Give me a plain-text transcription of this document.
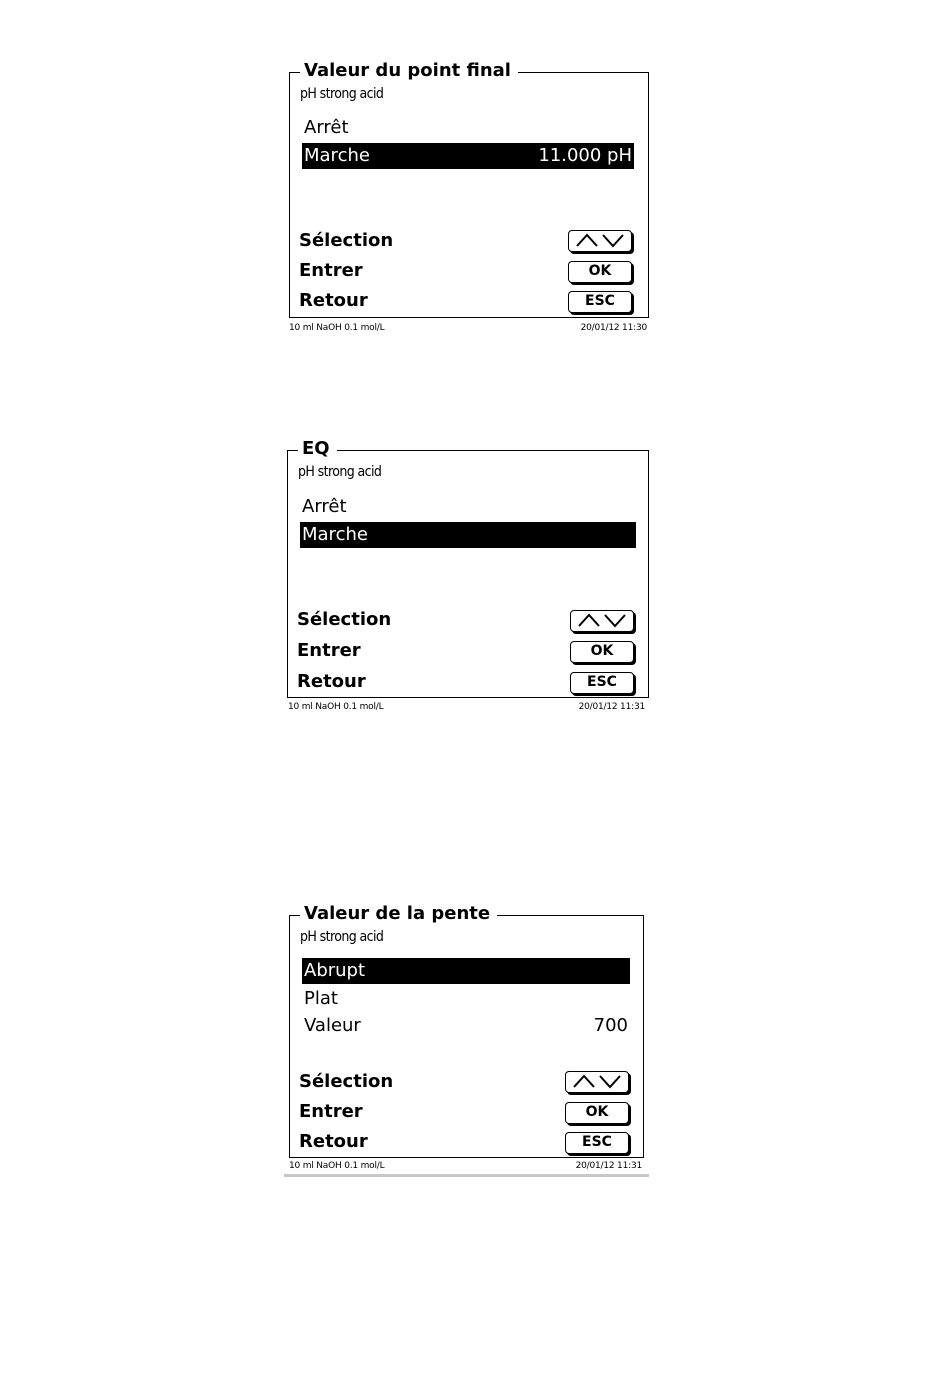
Valeur du point final
pH strong acid
Arrêt
Marche	11.000 pH
Sélection
Entrer	OK
Retour	ESC
10 ml NaOH 0.1 mol/L	20/01/12 11:30
EQ
pH strong acid
Arrêt
Marche
Sélection
Entrer	OK
Retour	ESC
10 ml NaOH 0.1 mol/L	20/01/12 11:31
Valeur de la pente
pH strong acid
Abrupt
Plat
Valeur	700
Sélection
Entrer	OK
Retour	ESC
10 ml NaOH 0.1 mol/L	20/01/12 11:31
